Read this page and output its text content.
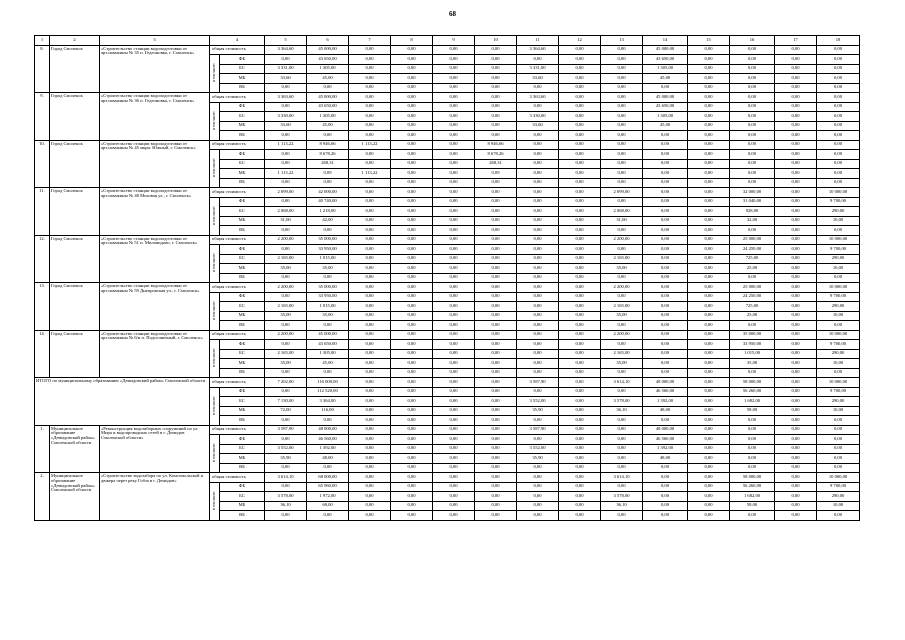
68
1	2	3	4		5	6	7	8	9	10	11	12	13	14	15	16	17	18
8.	Город Смоленск	«Строительство станции водоподготовки от арт.скважины № 35 п. Гедеоновка, г. Смоленск»	общая стоимость		3 364,60	45 000,00	0,00	0,00	0,00	0,00	3 364,60	0,00	0,00	45 000,00	0,00	0,00	0,00	0,00
			в том числе:	ФБ	0,00	43 650,00	0,00	0,00	0,00	0,00	0,00	0,00	0,00	43 650,00	0,00	0,00	0,00	0,00
				БС	3 331,00	1 305,00	0,00	0,00	0,00	0,00	3 331,00	0,00	0,00	1 305,00	0,00	0,00	0,00	0,00
				МБ	33,60	45,00	0,00	0,00	0,00	0,00	33,60	0,00	0,00	45,00	0,00	0,00	0,00	0,00
				ВБ	0,00	0,00	0,00	0,00	0,00	0,00	0,00	0,00	0,00	0,00	0,00	0,00	0,00	0,00
9.	Город Смоленск	«Строительство станции водоподготовки от арт.скважины № 36 п. Гедеоновка, г. Смоленск»	общая стоимость		3 363,60	45 000,00	0,00	0,00	0,00	0,00	3 363,60	0,00	0,00	45 000,00	0,00	0,00	0,00	0,00
			в том числе:	ФБ	0,00	43 650,00	0,00	0,00	0,00	0,00	0,00	0,00	0,00	43 650,00	0,00	0,00	0,00	0,00
				БС	3 330,00	1 305,00	0,00	0,00	0,00	0,00	3 330,00	0,00	0,00	1 305,00	0,00	0,00	0,00	0,00
				МБ	33,60	45,00	0,00	0,00	0,00	0,00	33,60	0,00	0,00	45,00	0,00	0,00	0,00	0,00
				ВБ	0,00	0,00	0,00	0,00	0,00	0,00	0,00	0,00	0,00	0,00	0,00	0,00	0,00	0,00
10.	Город Смоленск	«Строительство станции водоподготовки от арт.скважины № 45 мкрн. Южный, г. Смоленск»	общая стоимость		1 113,22	8 946,66	1 113,22	0,00	0,00	8 946,66	0,00	0,00	0,00	0,00	0,00	0,00	0,00	0,00
			в том числе:	ФБ	0,00	8 678,26	0,00	0,00	0,00	8 678,26	0,00	0,00	0,00	0,00	0,00	0,00	0,00	0,00
				БС	0,00	268,31	0,00	0,00	0,00	268,31	0,00	0,00	0,00	0,00	0,00	0,00	0,00	0,00
				МБ	1 113,22	0,09	1 113,22	0,00	0,00	0,09	0,00	0,00	0,00	0,00	0,00	0,00	0,00	0,00
				ВБ	0,00	0,00	0,00	0,00	0,00	0,00	0,00	0,00	0,00	0,00	0,00	0,00	0,00	0,00
11.	Город Смоленск	«Строительство станции водоподготовки от арт.скважины № 48 Моховая ул., г. Смоленск»	общая стоимость		2 099,00	42 000,00	0,00	0,00	0,00	0,00	0,00	0,00	2 099,00	0,00	0,00	32 000,00	0,00	10 000,00
			в том числе:	ФБ	0,00	40 740,00	0,00	0,00	0,00	0,00	0,00	0,00	0,00	0,00	0,00	31 040,00	0,00	9 700,00
				БС	2 068,00	1 218,00	0,00	0,00	0,00	0,00	0,00	0,00	2 068,00	0,00	0,00	928,00	0,00	290,00
				МБ	31,00	42,00	0,00	0,00	0,00	0,00	0,00	0,00	31,00	0,00	0,00	32,00	0,00	10,00
				ВБ	0,00	0,00	0,00	0,00	0,00	0,00	0,00	0,00	0,00	0,00	0,00	0,00	0,00	0,00
12.	Город Смоленск	«Строительство станции водоподготовки от арт.скважины № 51 п. Миловидово, г. Смоленск»	общая стоимость		2 200,00	35 000,00	0,00	0,00	0,00	0,00	0,00	0,00	2 200,00	0,00	0,00	25 000,00	0,00	10 000,00
			в том числе:	ФБ	0,00	33 950,00	0,00	0,00	0,00	0,00	0,00	0,00	0,00	0,00	0,00	24 250,00	0,00	9 700,00
				БС	2 165,00	1 015,00	0,00	0,00	0,00	0,00	0,00	0,00	2 165,00	0,00	0,00	725,00	0,00	290,00
				МБ	35,00	35,00	0,00	0,00	0,00	0,00	0,00	0,00	35,00	0,00	0,00	25,00	0,00	10,00
				ВБ	0,00	0,00	0,00	0,00	0,00	0,00	0,00	0,00	0,00	0,00	0,00	0,00	0,00	0,00
13.	Город Смоленск	«Строительство станции водоподготовки от арт.скважины № 59 Днепровская ул., г. Смоленск»	общая стоимость		2 200,00	35 000,00	0,00	0,00	0,00	0,00	0,00	0,00	2 200,00	0,00	0,00	25 000,00	0,00	10 000,00
			в том числе:	ФБ	0,00	33 950,00	0,00	0,00	0,00	0,00	0,00	0,00	0,00	0,00	0,00	24 250,00	0,00	9 700,00
				БС	2 165,00	1 015,00	0,00	0,00	0,00	0,00	0,00	0,00	2 165,00	0,00	0,00	725,00	0,00	290,00
				МБ	35,00	35,00	0,00	0,00	0,00	0,00	0,00	0,00	35,00	0,00	0,00	25,00	0,00	10,00
				ВБ	0,00	0,00	0,00	0,00	0,00	0,00	0,00	0,00	0,00	0,00	0,00	0,00	0,00	0,00
14.	Город Смоленск	«Строительство станции водоподготовки от арт.скважины № 6/н п. Подсолнечный, г. Смоленск»	общая стоимость		2 200,00	45 000,00	0,00	0,00	0,00	0,00	0,00	0,00	2 200,00	0,00	0,00	35 000,00	0,00	10 000,00
			в том числе:	ФБ	0,00	43 650,00	0,00	0,00	0,00	0,00	0,00	0,00	0,00	0,00	0,00	33 950,00	0,00	9 700,00
				БС	2 165,00	1 305,00	0,00	0,00	0,00	0,00	0,00	0,00	2 165,00	0,00	0,00	1 015,00	0,00	290,00
				МБ	35,00	45,00	0,00	0,00	0,00	0,00	0,00	0,00	35,00	0,00	0,00	35,00	0,00	10,00
				ВБ	0,00	0,00	0,00	0,00	0,00	0,00	0,00	0,00	0,00	0,00	0,00	0,00	0,00	0,00
ИТОГО по муниципальному образованию «Демидовский район» Смоленской области			общая стоимость		7 202,00	116 000,00	0,00	0,00	0,00	0,00	3 587,90	0,00	3 614,10	48 000,00	0,00	58 000,00	0,00	10 000,00
			в том числе:	ФБ	0,00	112 520,00	0,00	0,00	0,00	0,00	0,00	0,00	0,00	46 560,00	0,00	56 260,00	0,00	9 700,00
				БС	7 130,00	3 364,00	0,00	0,00	0,00	0,00	3 552,00	0,00	3 578,00	1 392,00	0,00	1 682,00	0,00	290,00
				МБ	72,00	116,00	0,00	0,00	0,00	0,00	35,90	0,00	36,10	48,00	0,00	58,00	0,00	10,00
				ВБ	0,00	0,00	0,00	0,00	0,00	0,00	0,00	0,00	0,00	0,00	0,00	0,00	0,00	0,00
1.	Муниципальное образование «Демидовский район» Смоленской области	«Реконструкция водозаборных сооружений по ул. Мира и водопроводных сетей в г. Демидов Смоленской области»	общая стоимость		3 587,90	48 000,00	0,00	0,00	0,00	0,00	3 587,90	0,00	0,00	48 000,00	0,00	0,00	0,00	0,00
			в том числе:	ФБ	0,00	46 560,00	0,00	0,00	0,00	0,00	0,00	0,00	0,00	46 560,00	0,00	0,00	0,00	0,00
				БС	3 552,00	1 392,00	0,00	0,00	0,00	0,00	3 552,00	0,00	0,00	1 392,00	0,00	0,00	0,00	0,00
				МБ	35,90	48,00	0,00	0,00	0,00	0,00	35,90	0,00	0,00	48,00	0,00	0,00	0,00	0,00
				ВБ	0,00	0,00	0,00	0,00	0,00	0,00	0,00	0,00	0,00	0,00	0,00	0,00	0,00	0,00
2.	Муниципальное образование «Демидовский район» Смоленской области	«Строительство водозабора по ул. Комсомольской и дюкера через реку Гобза в г. Демидов»	общая стоимость		3 614,10	68 000,00	0,00	0,00	0,00	0,00	0,00	0,00	3 614,10	0,00	0,00	58 000,00	0,00	10 000,00
			в том числе:	ФБ	0,00	65 960,00	0,00	0,00	0,00	0,00	0,00	0,00	0,00	0,00	0,00	56 260,00	0,00	9 700,00
				БС	3 578,00	1 972,00	0,00	0,00	0,00	0,00	0,00	0,00	3 578,00	0,00	0,00	1 682,00	0,00	290,00
				МБ	36,10	68,00	0,00	0,00	0,00	0,00	0,00	0,00	36,10	0,00	0,00	58,00	0,00	10,00
				ВБ	0,00	0,00	0,00	0,00	0,00	0,00	0,00	0,00	0,00	0,00	0,00	0,00	0,00	0,00
